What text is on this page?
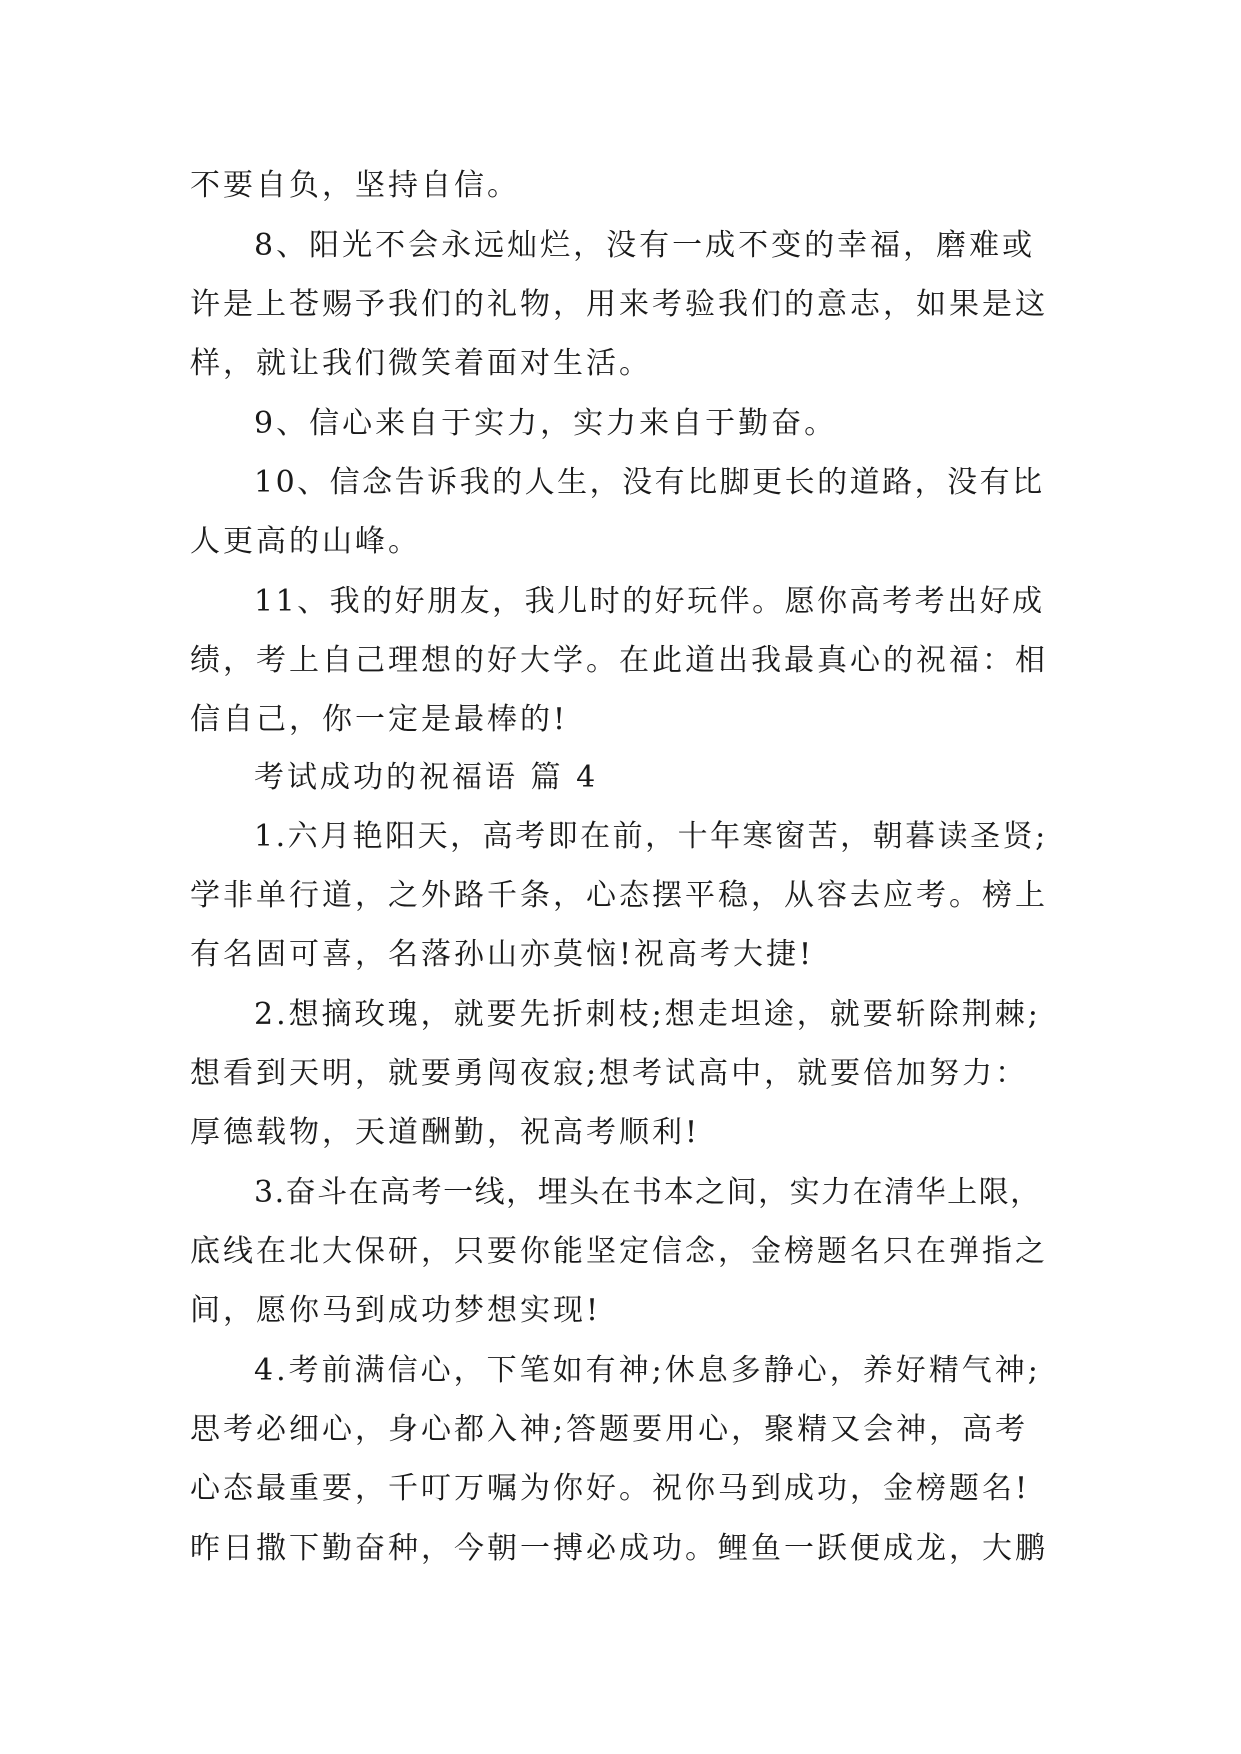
不要自负，坚持自信。
8、阳光不会永远灿烂，没有一成不变的幸福，磨难或
许是上苍赐予我们的礼物，用来考验我们的意志，如果是这
样，就让我们微笑着面对生活。
9、信心来自于实力，实力来自于勤奋。
10、信念告诉我的人生，没有比脚更长的道路，没有比
人更高的山峰。
11、我的好朋友，我儿时的好玩伴。愿你高考考出好成
绩，考上自己理想的好大学。在此道出我最真心的祝福：相
信自己，你一定是最棒的!
考试成功的祝福语 篇 4
1.六月艳阳天，高考即在前，十年寒窗苦，朝暮读圣贤;
学非单行道，之外路千条，心态摆平稳，从容去应考。榜上
有名固可喜，名落孙山亦莫恼!祝高考大捷!
2.想摘玫瑰，就要先折刺枝;想走坦途，就要斩除荆棘;
想看到天明，就要勇闯夜寂;想考试高中，就要倍加努力：
厚德载物，天道酬勤，祝高考顺利!
3.奋斗在高考一线，埋头在书本之间，实力在清华上限，
底线在北大保研，只要你能坚定信念，金榜题名只在弹指之
间，愿你马到成功梦想实现!
4.考前满信心，下笔如有神;休息多静心，养好精气神;
思考必细心，身心都入神;答题要用心，聚精又会神，高考
心态最重要，千叮万嘱为你好。祝你马到成功，金榜题名!
昨日撒下勤奋种，今朝一搏必成功。鲤鱼一跃便成龙，大鹏
